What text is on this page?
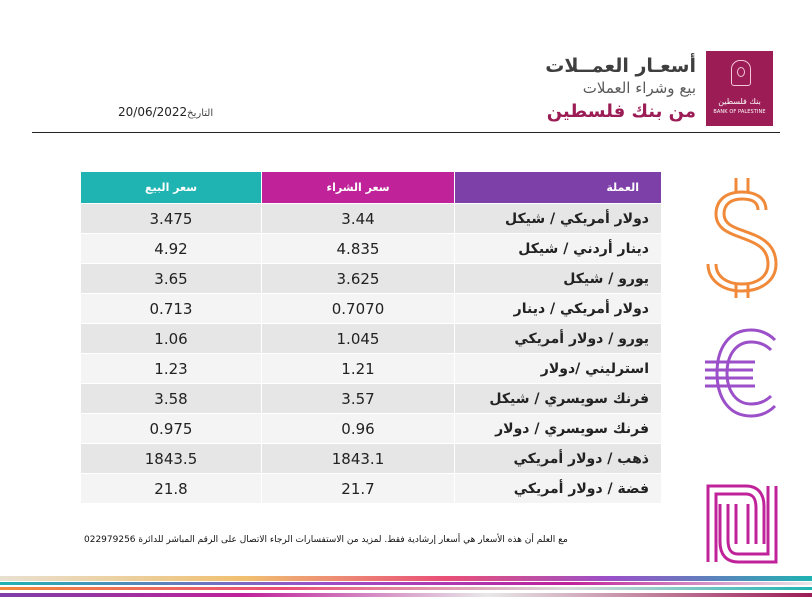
بنك فلسطين
BANK OF PALESTINE
أسعـار العمــلات
بيع وشراء العملات
من بنك فلسطين
20/06/2022التاريخ
سعر البيع	سعر الشراء	العملة
3.475	3.44	دولار أمريكي / شيكل
4.92	4.835	دينار أردني / شيكل
3.65	3.625	يورو / شيكل
0.713	0.7070	دولار أمريكي / دينار
1.06	1.045	يورو / دولار أمريكي
1.23	1.21	استرليني /دولار
3.58	3.57	فرنك سويسري / شيكل
0.975	0.96	فرنك سويسري / دولار
1843.5	1843.1	ذهب / دولار أمريكي
21.8	21.7	فضة / دولار أمريكي
022979256 مع العلم أن هذه الأسعار هي أسعار إرشادية فقط. لمزيد من الاستفسارات الرجاء الاتصال على الرقم المباشر للدائرة
